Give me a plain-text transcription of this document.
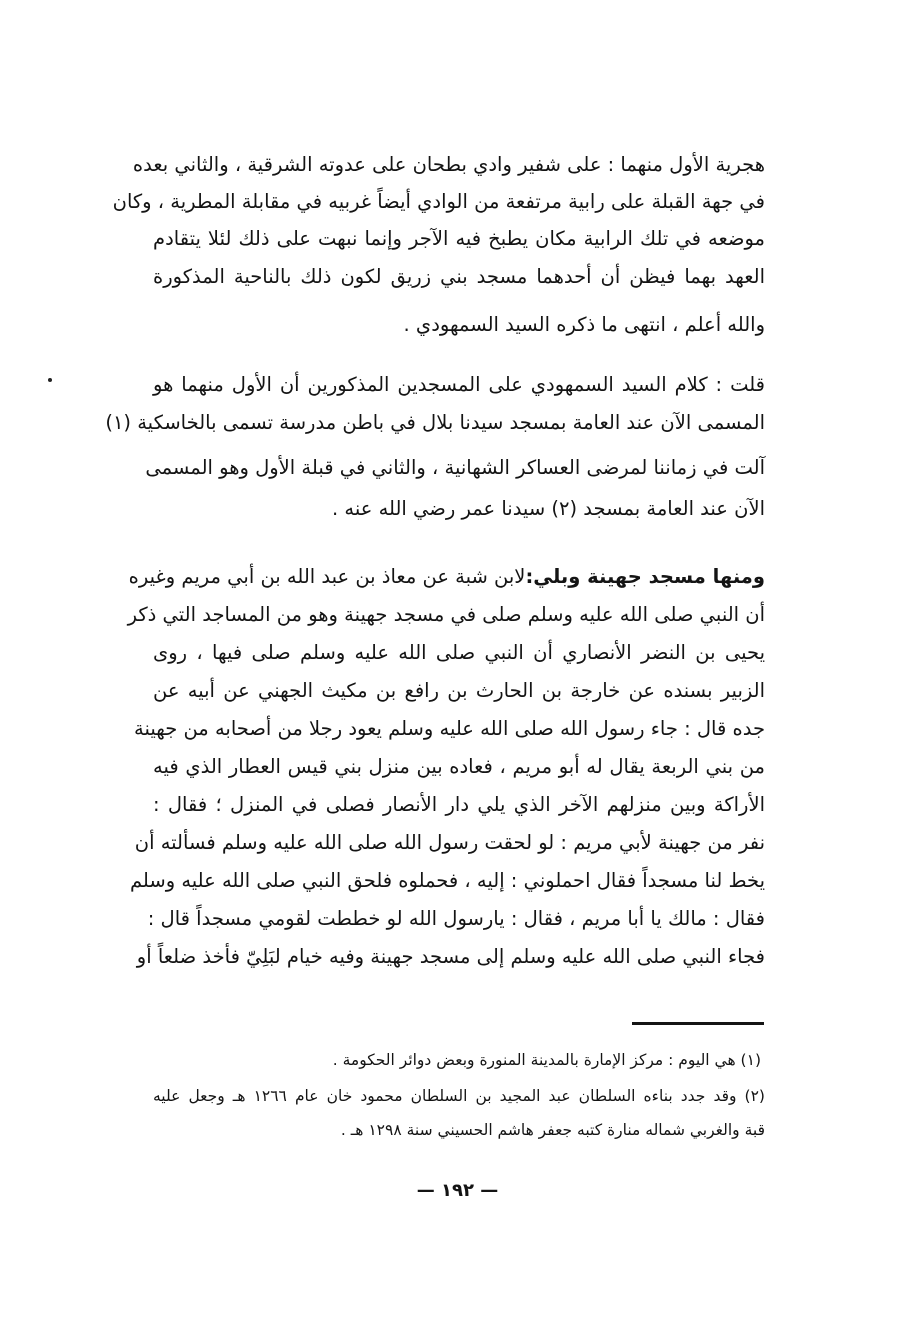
هجرية الأول منهما : على شفير وادي بطحان على عدوته الشرقية ، والثاني بعده
في جهة القبلة على رابية مرتفعة من الوادي أيضاً غربيه في مقابلة المطرية ، وكان
موضعه في تلك الرابية مكان يطبخ فيه الآجر وإنما نبهت على ذلك لئلا يتقادم
العهد بهما فيظن أن أحدهما مسجد بني زريق لكون ذلك بالناحية المذكورة
والله أعلم ، انتهى ما ذكره السيد السمهودي .
قلت : كلام السيد السمهودي على المسجدين المذكورين أن الأول منهما هو
المسمى الآن عند العامة بمسجد سيدنا بلال في باطن مدرسة تسمى بالخاسكية (١)
آلت في زماننا لمرضى العساكر الشهانية ، والثاني في قبلة الأول وهو المسمى
الآن عند العامة بمسجد (٢) سيدنا عمر رضي الله عنه .
ومنها مسجد جهينة وبلي:لابن شبة عن معاذ بن عبد الله بن أبي مريم وغيره
أن النبي صلى الله عليه وسلم صلى في مسجد جهينة وهو من المساجد التي ذكر
يحيى بن النضر الأنصاري أن النبي صلى الله عليه وسلم صلى فيها ، روى
الزبير بسنده عن خارجة بن الحارث بن رافع بن مكيث الجهني عن أبيه عن
جده قال : جاء رسول الله صلى الله عليه وسلم يعود رجلا من أصحابه من جهينة
من بني الربعة يقال له أبو مريم ، فعاده بين منزل بني قيس العطار الذي فيه
الأراكة وبين منزلهم الآخر الذي يلي دار الأنصار فصلى في المنزل ؛ فقال :
نفر من جهينة لأبي مريم : لو لحقت رسول الله صلى الله عليه وسلم فسألته أن
يخط لنا مسجداً فقال احملوني : إليه ، فحملوه فلحق النبي صلى الله عليه وسلم
فقال : مالك يا أبا مريم ، فقال : يارسول الله لو خططت لقومي مسجداً قال :
فجاء النبي صلى الله عليه وسلم إلى مسجد جهينة وفيه خيام لبَلِيّ فأخذ ضلعاً أو
(١) هي اليوم : مركز الإمارة بالمدينة المنورة وبعض دوائر الحكومة .
(٢) وقد جدد بناءه السلطان عبد المجيد بن السلطان محمود خان عام ١٢٦٦ هـ وجعل عليه
قبة والغربي شماله منارة كتبه جعفر هاشم الحسيني سنة ١٢٩٨ هـ .
— ١٩٢ —
